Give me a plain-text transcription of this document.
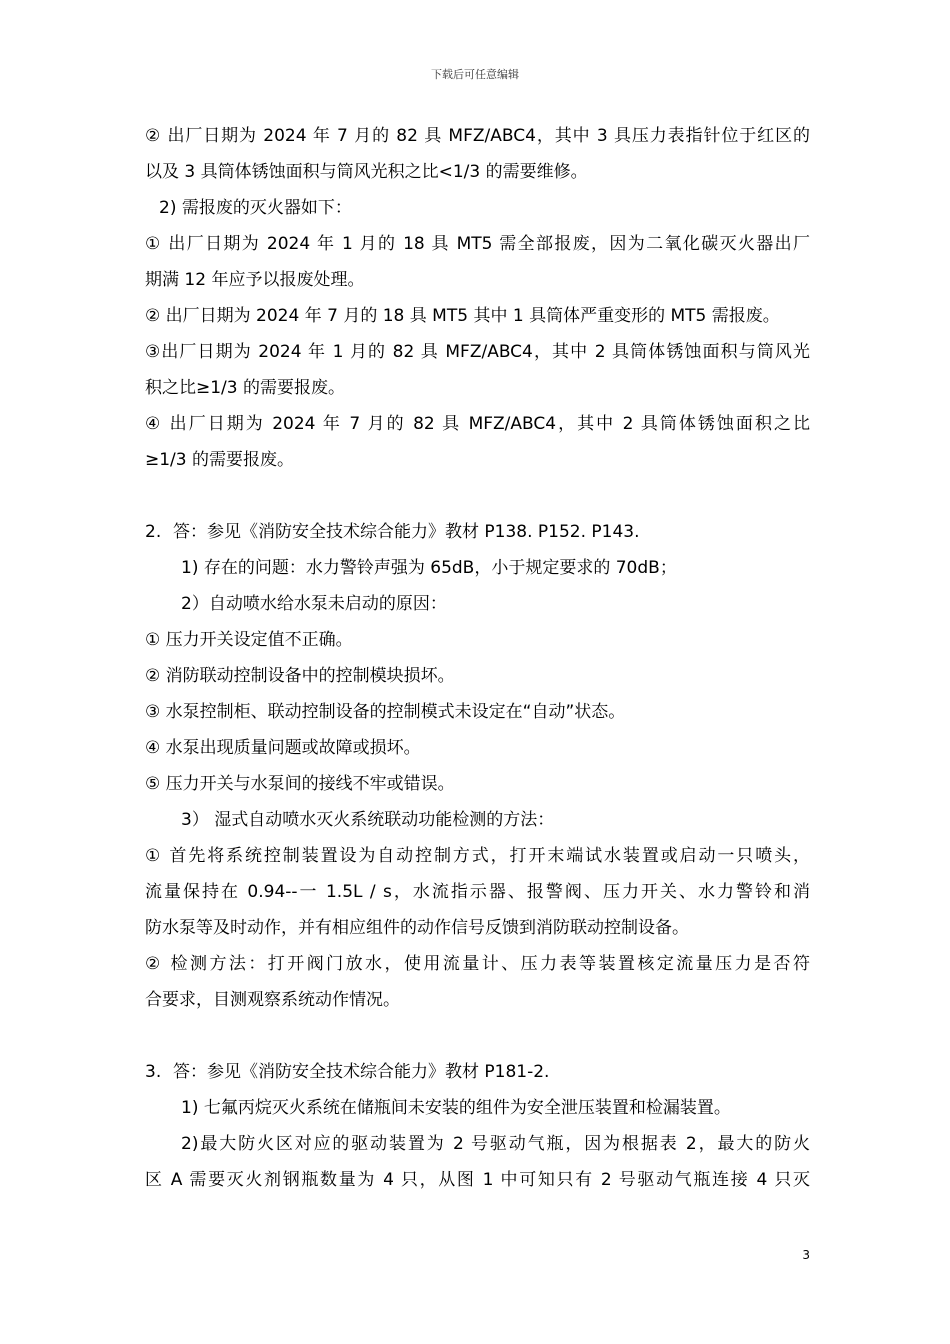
下载后可任意编辑
② 出厂日期为 2024 年 7 月的 82 具 MFZ/ABC4，其中 3 具压力表指针位于红区的
以及 3 具筒体锈蚀面积与筒风光积之比<1/3 的需要维修。
2) 需报废的灭火器如下：
① 出厂日期为 2024 年 1 月的 18 具 MT5 需全部报废，因为二氧化碳灭火器出厂
期满 12 年应予以报废处理。
② 出厂日期为 2024 年 7 月的 18 具 MT5 其中 1 具筒体严重变形的 MT5 需报废。
③出厂日期为 2024 年 1 月的 82 具 MFZ/ABC4，其中 2 具筒体锈蚀面积与筒风光
积之比≥1/3 的需要报废。
④ 出厂日期为 2024 年 7 月的 82 具 MFZ/ABC4，其中 2 具筒体锈蚀面积之比
≥1/3 的需要报废。
2. 答：参见《消防安全技术综合能力》教材 P138. P152. P143.
1) 存在的问题：水力警铃声强为 65dB，小于规定要求的 70dB；
2）自动喷水给水泵未启动的原因：
① 压力开关设定值不正确。
② 消防联动控制设备中的控制模块损坏。
③ 水泵控制柜、联动控制设备的控制模式未设定在“自动”状态。
④ 水泵出现质量问题或故障或损坏。
⑤ 压力开关与水泵间的接线不牢或错误。
3） 湿式自动喷水灭火系统联动功能检测的方法：
① 首先将系统控制装置设为自动控制方式，打开末端试水装置或启动一只喷头，
流量保持在 0.94--一 1.5L / s，水流指示器、报警阀、压力开关、水力警铃和消
防水泵等及时动作，并有相应组件的动作信号反馈到消防联动控制设备。
② 检测方法：打开阀门放水，使用流量计、压力表等装置核定流量压力是否符
合要求，目测观察系统动作情况。
3. 答：参见《消防安全技术综合能力》教材 P181-2.
1) 七氟丙烷灭火系统在储瓶间未安装的组件为安全泄压装置和检漏装置。
2)最大防火区对应的驱动装置为 2 号驱动气瓶，因为根据表 2，最大的防火
区 A 需要灭火剂钢瓶数量为 4 只，从图 1 中可知只有 2 号驱动气瓶连接 4 只灭
3
